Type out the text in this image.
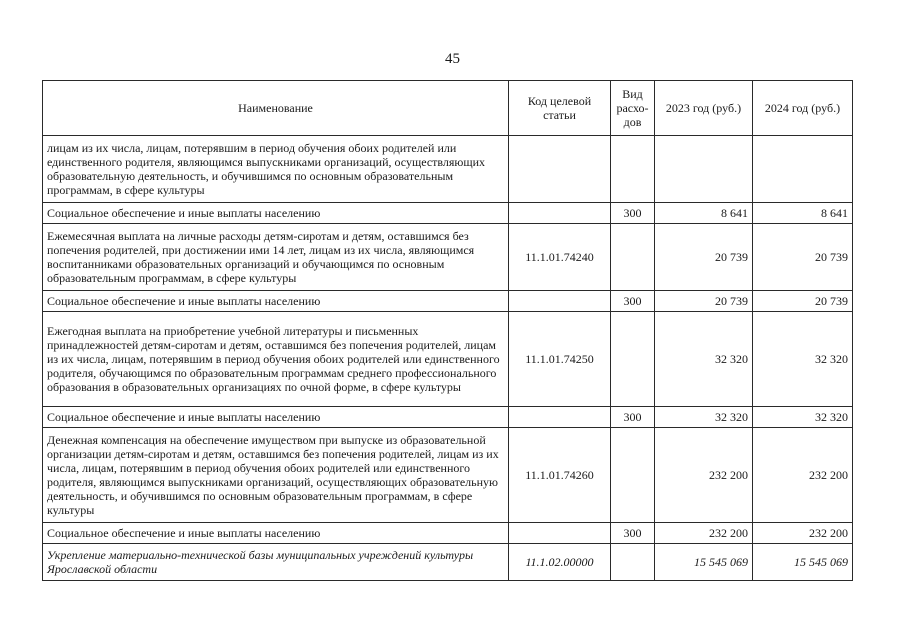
45
Наименование	Код целевой статьи	Вид расхо-дов	2023 год (руб.)	2024 год (руб.)
лицам из их числа, лицам, потерявшим в период обучения обоих родителей или единственного родителя, являющимся выпускниками организаций, осуществляющих образовательную деятельность, и обучившимся по основным образовательным программам, в сфере культуры				
Социальное обеспечение и иные выплаты населению		300	8 641	8 641
Ежемесячная выплата на личные расходы детям-сиротам и детям, оставшимся без попечения родителей, при достижении ими 14 лет, лицам из их числа, являющимся воспитанниками образовательных организаций и обучающимся по основным образовательным программам, в сфере культуры	11.1.01.74240		20 739	20 739
Социальное обеспечение и иные выплаты населению		300	20 739	20 739
Ежегодная выплата на приобретение учебной литературы и письменных принадлежностей детям-сиротам и детям, оставшимся без попечения родителей, лицам из их числа, лицам, потерявшим в период обучения обоих родителей или единственного родителя, обучающимся по образовательным программам среднего профессионального образования в образовательных организациях по очной форме, в сфере культуры	11.1.01.74250		32 320	32 320
Социальное обеспечение и иные выплаты населению		300	32 320	32 320
Денежная компенсация на обеспечение имуществом при выпуске из образовательной организации детям-сиротам и детям, оставшимся без попечения родителей, лицам из их числа, лицам, потерявшим в период обучения обоих родителей или единственного родителя, являющимся выпускниками организаций, осуществляющих образовательную деятельность, и обучившимся по основным образовательным программам, в сфере культуры	11.1.01.74260		232 200	232 200
Социальное обеспечение и иные выплаты населению		300	232 200	232 200
Укрепление материально-технической базы муниципальных учреждений культуры Ярославской области	11.1.02.00000		15 545 069	15 545 069
